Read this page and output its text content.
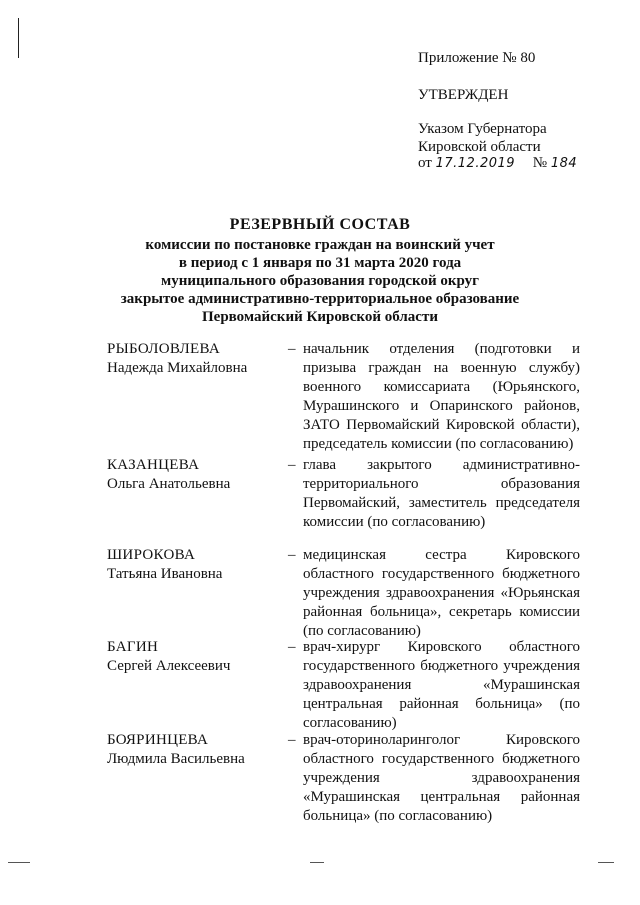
Приложение № 80
УТВЕРЖДЕН
Указом Губернатора
Кировской области
от 17.12.2019 № 184
РЕЗЕРВНЫЙ СОСТАВ
комиссии по постановке граждан на воинский учет
в период с 1 января по 31 марта 2020 года
муниципального образования городской округ
закрытое административно-территориальное образование
Первомайский Кировской области
РЫБОЛОВЛЕВА
Надежда Михайловна
– начальник отделения (подготовки и призыва граждан на военную службу) военного комиссариата (Юрьянского, Мурашинского и Опаринского районов, ЗАТО Первомайский Кировской области), председатель комиссии (по согласованию)
КАЗАНЦЕВА
Ольга Анатольевна
– глава закрытого административно-территориального образования Первомайский, заместитель председателя комиссии (по согласованию)
ШИРОКОВА
Татьяна Ивановна
– медицинская сестра Кировского областного государственного бюджетного учреждения здравоохранения «Юрьянская районная больница», секретарь комиссии (по согласованию)
БАГИН
Сергей Алексеевич
– врач-хирург Кировского областного государственного бюджетного учреждения здравоохранения «Мурашинская центральная районная больница» (по согласованию)
БОЯРИНЦЕВА
Людмила Васильевна
– врач-оториноларинголог Кировского областного государственного бюджетного учреждения здравоохранения «Мурашинская центральная районная больница» (по согласованию)
